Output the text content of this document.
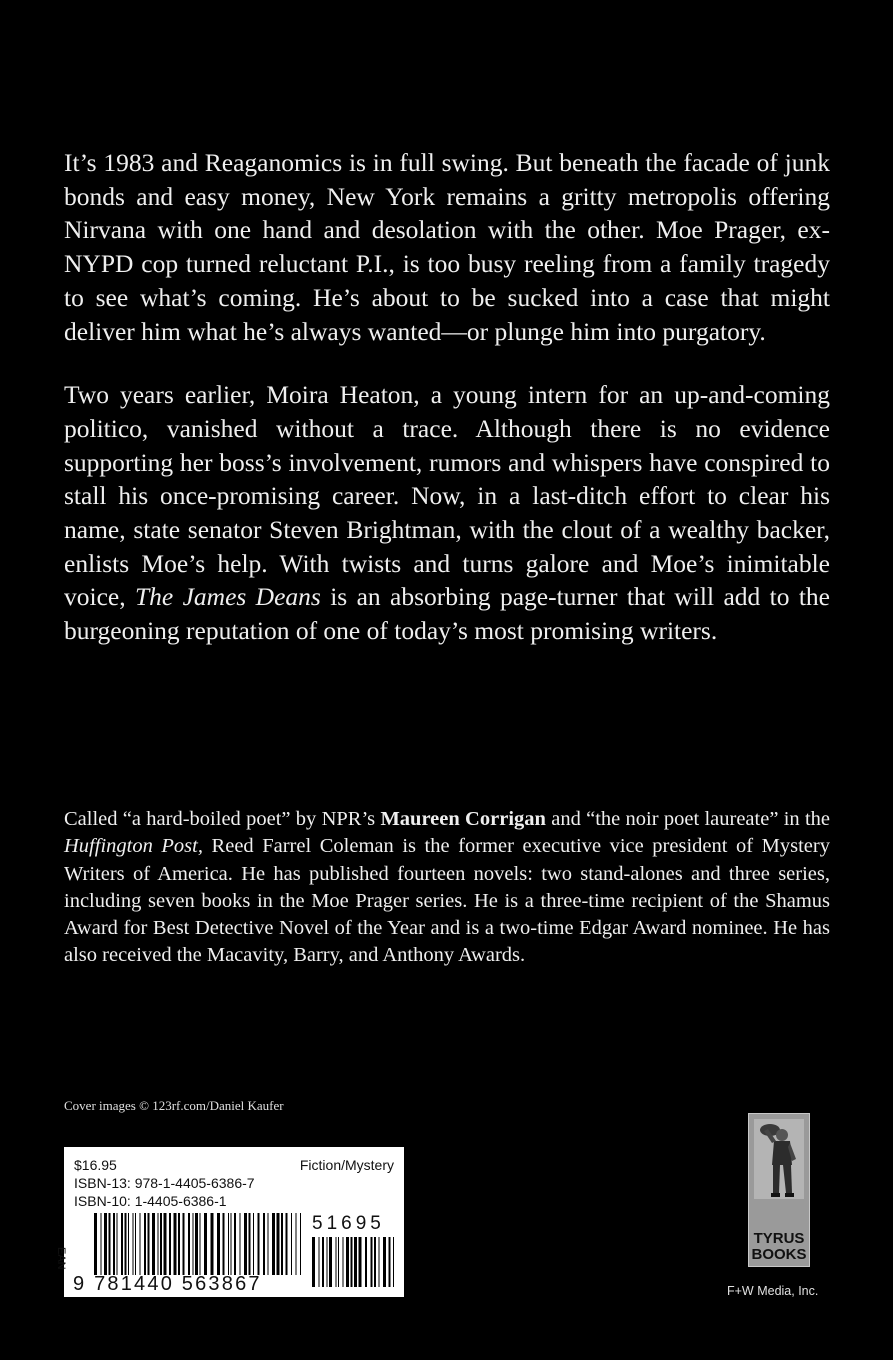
It’s 1983 and Reaganomics is in full swing. But beneath the facade of junk bonds and easy money, New York remains a gritty metropolis offering Nirvana with one hand and desolation with the other. Moe Prager, ex-NYPD cop turned reluctant P.I., is too busy reeling from a family tragedy to see what’s coming. He’s about to be sucked into a case that might deliver him what he’s always wanted—or plunge him into purgatory.

Two years earlier, Moira Heaton, a young intern for an up-and-coming politico, vanished without a trace. Although there is no evidence supporting her boss’s involvement, rumors and whispers have conspired to stall his once-promising career. Now, in a last-ditch effort to clear his name, state senator Steven Brightman, with the clout of a wealthy backer, enlists Moe’s help. With twists and turns galore and Moe’s inimitable voice, The James Deans is an absorbing page-turner that will add to the burgeoning reputation of one of today’s most promising writers.

Called “a hard-boiled poet” by NPR’s Maureen Corrigan and “the noir poet laureate” in the Huffington Post, Reed Farrel Coleman is the former executive vice president of Mystery Writers of America. He has published fourteen novels: two stand-alones and three series, including seven books in the Moe Prager series. He is a three-time recipient of the Shamus Award for Best Detective Novel of the Year and is a two-time Edgar Award nominee. He has also received the Macavity, Barry, and Anthony Awards.

Cover images © 123rf.com/Daniel Kaufer
$16.95	Fiction/Mystery
ISBN-13: 978-1-4405-6386-7
ISBN-10: 1-4405-6386-1
EAN
9 781440 563867
51695
TYRUS
BOOKS
F+W Media, Inc.
